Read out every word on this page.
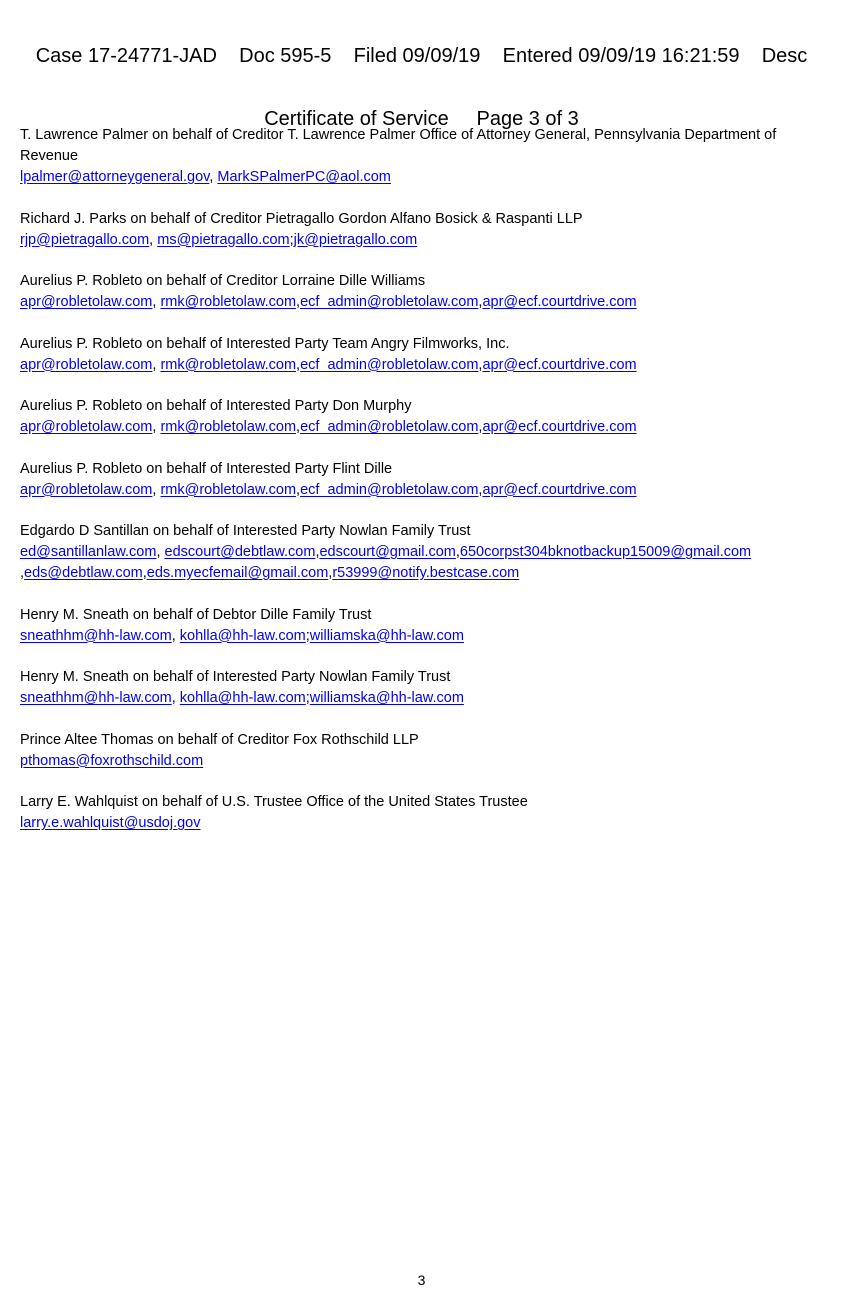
Case 17-24771-JAD    Doc 595-5    Filed 09/09/19    Entered 09/09/19 16:21:59    Desc

Certificate of Service     Page 3 of 3

T. Lawrence Palmer on behalf of Creditor T. Lawrence Palmer Office of Attorney General, Pennsylvania Department of Revenue
lpalmer@attorneygeneral.gov, MarkSPalmerPC@aol.com
Richard J. Parks on behalf of Creditor Pietragallo Gordon Alfano Bosick & Raspanti LLP
rjp@pietragallo.com, ms@pietragallo.com;jk@pietragallo.com
Aurelius P. Robleto on behalf of Creditor Lorraine Dille Williams
apr@robletolaw.com, rmk@robletolaw.com,ecf_admin@robletolaw.com,apr@ecf.courtdrive.com
Aurelius P. Robleto on behalf of Interested Party Team Angry Filmworks, Inc.
apr@robletolaw.com, rmk@robletolaw.com,ecf_admin@robletolaw.com,apr@ecf.courtdrive.com
Aurelius P. Robleto on behalf of Interested Party Don Murphy
apr@robletolaw.com, rmk@robletolaw.com,ecf_admin@robletolaw.com,apr@ecf.courtdrive.com
Aurelius P. Robleto on behalf of Interested Party Flint Dille
apr@robletolaw.com, rmk@robletolaw.com,ecf_admin@robletolaw.com,apr@ecf.courtdrive.com
Edgardo D Santillan on behalf of Interested Party Nowlan Family Trust
ed@santillanlaw.com, edscourt@debtlaw.com,edscourt@gmail.com,650corpst304bknotbackup15009@gmail.com
,eds@debtlaw.com,eds.myecfemail@gmail.com,r53999@notify.bestcase.com
Henry M. Sneath on behalf of Debtor Dille Family Trust
sneathhm@hh-law.com, kohlla@hh-law.com;williamska@hh-law.com
Henry M. Sneath on behalf of Interested Party Nowlan Family Trust
sneathhm@hh-law.com, kohlla@hh-law.com;williamska@hh-law.com
Prince Altee Thomas on behalf of Creditor Fox Rothschild LLP
pthomas@foxrothschild.com
Larry E. Wahlquist on behalf of U.S. Trustee Office of the United States Trustee
larry.e.wahlquist@usdoj.gov
3
